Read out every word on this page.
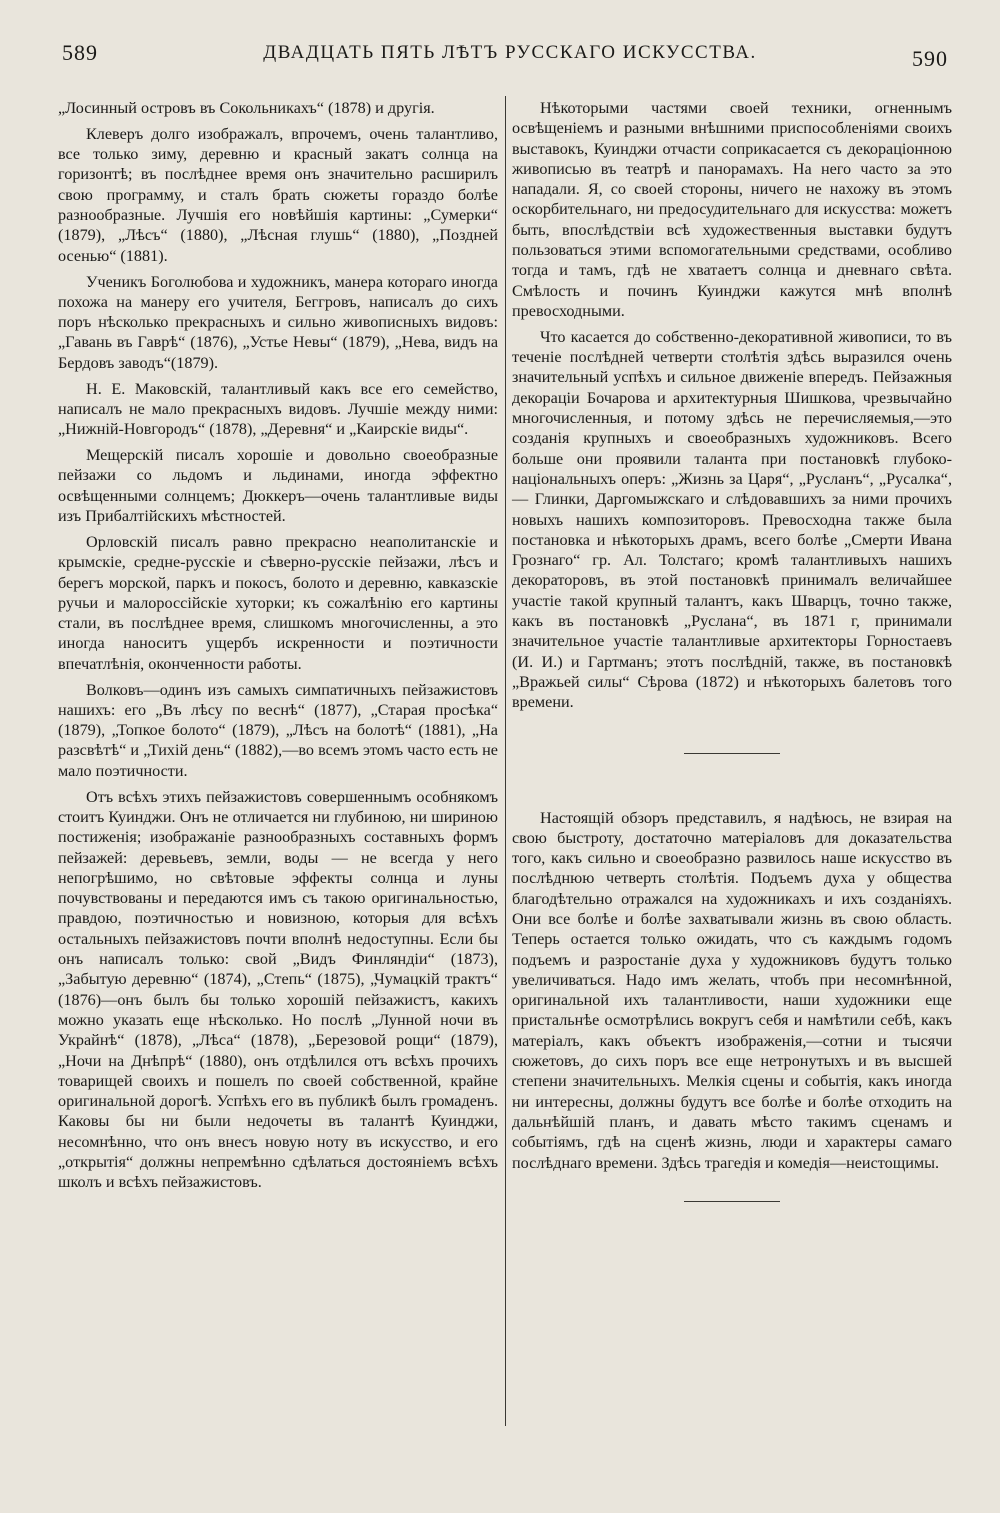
589	ДВАДЦАТЬ ПЯТЬ ЛѢТЪ РУССКАГО ИСКУССТВА.	590

„Лосинный островъ въ Сокольникахъ“ (1878) и другія.

Клеверъ долго изображалъ, впрочемъ, очень талантливо, все только зиму, деревню и красный закатъ солнца на горизонтѣ; въ послѣднее время онъ значительно расширилъ свою программу, и сталъ брать сюжеты гораздо болѣе разнообразные. Лучшія его новѣйшія картины: „Сумерки“ (1879), „Лѣсъ“ (1880), „Лѣсная глушь“ (1880), „Поздней осенью“ (1881).

Ученикъ Боголюбова и художникъ, манера котораго иногда похожа на манеру его учителя, Беггровъ, написалъ до сихъ поръ нѣсколько прекрасныхъ и сильно живописныхъ видовъ: „Гавань въ Гаврѣ“ (1876), „Устье Невы“ (1879), „Нева, видъ на Бердовъ заводъ“(1879).

Н. Е. Маковскій, талантливый какъ все его семейство, написалъ не мало прекрасныхъ видовъ. Лучшіе между ними: „Нижній-Новгородъ“ (1878), „Деревня“ и „Каирскіе виды“.

Мещерскій писалъ хорошіе и довольно своеобразные пейзажи со льдомъ и льдинами, иногда эффектно освѣщенными солнцемъ; Дюккеръ—очень талантливые виды изъ Прибалтійскихъ мѣстностей.

Орловскій писалъ равно прекрасно неаполитанскіе и крымскіе, средне-русскіе и сѣверно-русскіе пейзажи, лѣсъ и берегъ морской, паркъ и покосъ, болото и деревню, кавказскіе ручьи и малороссійскіе хуторки; къ сожалѣнію его картины стали, въ послѣднее время, слишкомъ многочисленны, а это иногда наноситъ ущербъ искренности и поэтичности впечатлѣнія, оконченности работы.

Волковъ—одинъ изъ самыхъ симпатичныхъ пейзажистовъ нашихъ: его „Въ лѣсу по веснѣ“ (1877), „Старая просѣка“ (1879), „Топкое болото“ (1879), „Лѣсъ на болотѣ“ (1881), „На разсвѣтѣ“ и „Тихій день“ (1882),—во всемъ этомъ часто есть не мало поэтичности.

Отъ всѣхъ этихъ пейзажистовъ совершеннымъ особнякомъ стоитъ Куинджи. Онъ не отличается ни глубиною, ни шириною постиженія; изображаніе разнообразныхъ составныхъ формъ пейзажей: деревьевъ, земли, воды — не всегда у него непогрѣшимо, но свѣтовые эффекты солнца и луны почувствованы и передаются имъ съ такою оригинальностью, правдою, поэтичностью и новизною, которыя для всѣхъ остальныхъ пейзажистовъ почти вполнѣ недоступны. Если бы онъ написалъ только: свой „Видъ Финляндіи“ (1873), „Забытую деревню“ (1874), „Степь“ (1875), „Чумацкій трактъ“ (1876)—онъ былъ бы только хорошій пейзажистъ, какихъ можно указать еще нѣсколько. Но послѣ „Лунной ночи въ Украйнѣ“ (1878), „Лѣса“ (1878), „Березовой рощи“ (1879), „Ночи на Днѣпрѣ“ (1880), онъ отдѣлился отъ всѣхъ прочихъ товарищей своихъ и пошелъ по своей собственной, крайне оригинальной дорогѣ. Успѣхъ его въ публикѣ былъ громаденъ. Каковы бы ни были недочеты въ талантѣ Куинджи, несомнѣнно, что онъ внесъ новую ноту въ искусство, и его „открытія“ должны непремѣнно сдѣлаться достояніемъ всѣхъ школъ и всѣхъ пейзажистовъ.

Нѣкоторыми частями своей техники, огненнымъ освѣщеніемъ и разными внѣшними приспособленіями своихъ выставокъ, Куинджи отчасти соприкасается съ декораціонною живописью въ театрѣ и панорамахъ. На него часто за это нападали. Я, со своей стороны, ничего не нахожу въ этомъ оскорбительнаго, ни предосудительнаго для искусства: можетъ быть, впослѣдствіи всѣ художественныя выставки будутъ пользоваться этими вспомогательными средствами, особливо тогда и тамъ, гдѣ не хватаетъ солнца и дневнаго свѣта. Смѣлость и починъ Куинджи кажутся мнѣ вполнѣ превосходными.

Что касается до собственно-декоративной живописи, то въ теченіе послѣдней четверти столѣтія здѣсь выразился очень значительный успѣхъ и сильное движеніе впередъ. Пейзажныя декораціи Бочарова и архитектурныя Шишкова, чрезвычайно многочисленныя, и потому здѣсь не перечисляемыя,—это созданія крупныхъ и своеобразныхъ художниковъ. Всего больше они проявили таланта при постановкѣ глубоко-національныхъ оперъ: „Жизнь за Царя“, „Русланъ“, „Русалка“, — Глинки, Даргомыжскаго и слѣдовавшихъ за ними прочихъ новыхъ нашихъ композиторовъ. Превосходна также была постановка и нѣкоторыхъ драмъ, всего болѣе „Смерти Ивана Грознаго“ гр. Ал. Толстаго; кромѣ талантливыхъ нашихъ декораторовъ, въ этой постановкѣ принималъ величайшее участіе такой крупный талантъ, какъ Шварцъ, точно также, какъ въ постановкѣ „Руслана“, въ 1871 г, принимали значительное участіе талантливые архитекторы Горностаевъ (И. И.) и Гартманъ; этотъ послѣдній, также, въ постановкѣ „Вражьей силы“ Сѣрова (1872) и нѣкоторыхъ балетовъ того времени.

Настоящій обзоръ представилъ, я надѣюсь, не взирая на свою быстроту, достаточно матеріаловъ для доказательства того, какъ сильно и своеобразно развилось наше искусство въ послѣднюю четверть столѣтія. Подъемъ духа у общества благодѣтельно отражался на художникахъ и ихъ созданіяхъ. Они все болѣе и болѣе захватывали жизнь въ свою область. Теперь остается только ожидать, что съ каждымъ годомъ подъемъ и разростаніе духа у художниковъ будутъ только увеличиваться. Надо имъ желать, чтобъ при несомнѣнной, оригинальной ихъ талантливости, наши художники еще пристальнѣе осмотрѣлись вокругъ себя и намѣтили себѣ, какъ матеріалъ, какъ объектъ изображенія,—сотни и тысячи сюжетовъ, до сихъ поръ все еще нетронутыхъ и въ высшей степени значительныхъ. Мелкія сцены и событія, какъ иногда ни интересны, должны будутъ все болѣе и болѣе отходить на дальнѣйшій планъ, и давать мѣсто такимъ сценамъ и событіямъ, гдѣ на сценѣ жизнь, люди и характеры самаго послѣднаго времени. Здѣсь трагедія и комедія—неистощимы.
